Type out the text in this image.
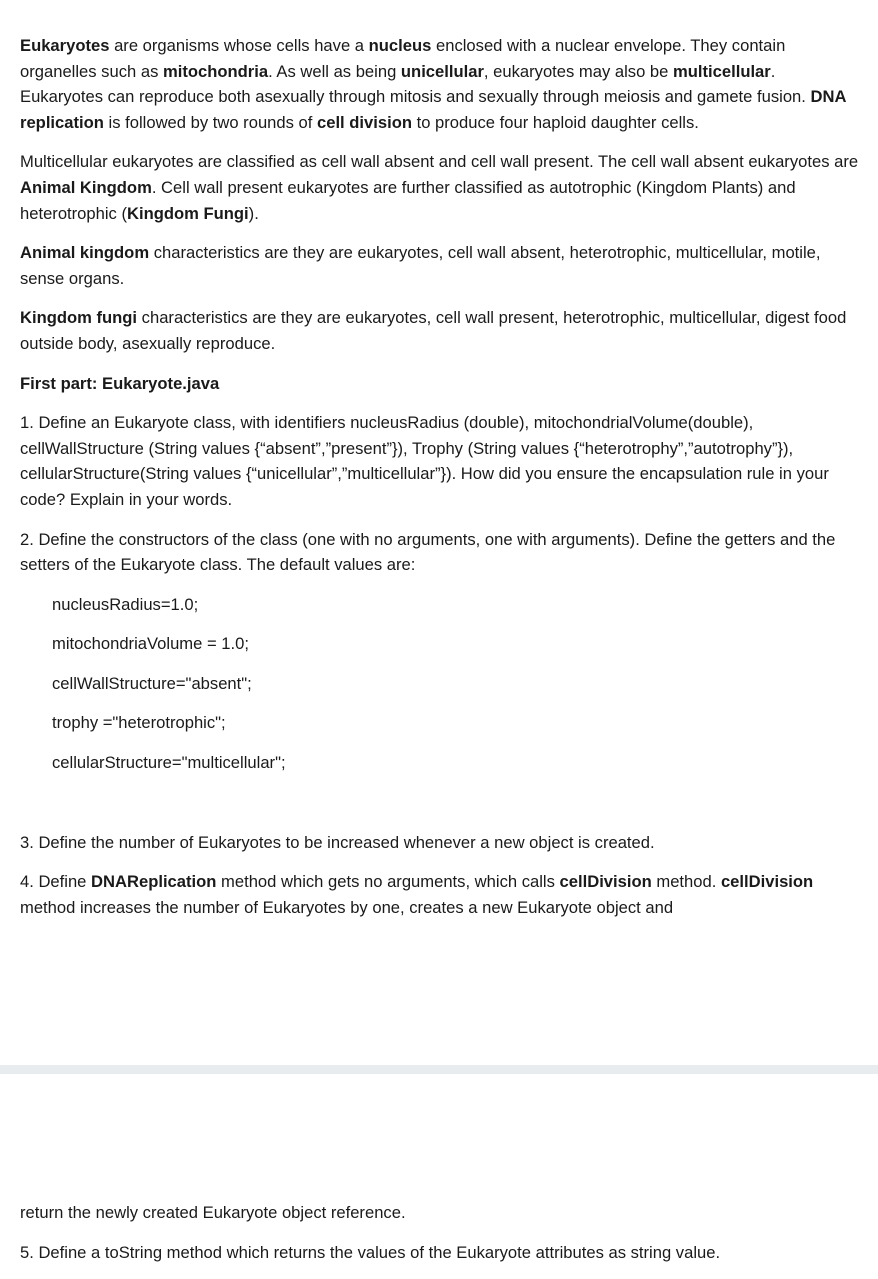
Eukaryotes are organisms whose cells have a nucleus enclosed with a nuclear envelope. They contain organelles such as mitochondria. As well as being unicellular, eukaryotes may also be multicellular. Eukaryotes can reproduce both asexually through mitosis and sexually through meiosis and gamete fusion. DNA replication is followed by two rounds of cell division to produce four haploid daughter cells.

Multicellular eukaryotes are classified as cell wall absent and cell wall present. The cell wall absent eukaryotes are Animal Kingdom. Cell wall present eukaryotes are further classified as autotrophic (Kingdom Plants) and heterotrophic (Kingdom Fungi).

Animal kingdom characteristics are they are eukaryotes, cell wall absent, heterotrophic, multicellular, motile, sense organs.

Kingdom fungi characteristics are they are eukaryotes, cell wall present, heterotrophic, multicellular, digest food outside body, asexually reproduce.

First part: Eukaryote.java

1. Define an Eukaryote class, with identifiers nucleusRadius (double), mitochondrialVolume(double), cellWallStructure (String values {“absent”,”present”}), Trophy (String values {“heterotrophy”,”autotrophy”}), cellularStructure(String values {“unicellular”,”multicellular”}). How did you ensure the encapsulation rule in your code? Explain in your words.

2. Define the constructors of the class (one with no arguments, one with arguments). Define the getters and the setters of the Eukaryote class. The default values are:

nucleusRadius=1.0;

mitochondriaVolume = 1.0;

cellWallStructure="absent";

trophy ="heterotrophic";

cellularStructure="multicellular";

3. Define the number of Eukaryotes to be increased whenever a new object is created.

4. Define DNAReplication method which gets no arguments, which calls cellDivision method. cellDivision method increases the number of Eukaryotes by one, creates a new Eukaryote object and

return the newly created Eukaryote object reference.

5. Define a toString method which returns the values of the Eukaryote attributes as string value.
